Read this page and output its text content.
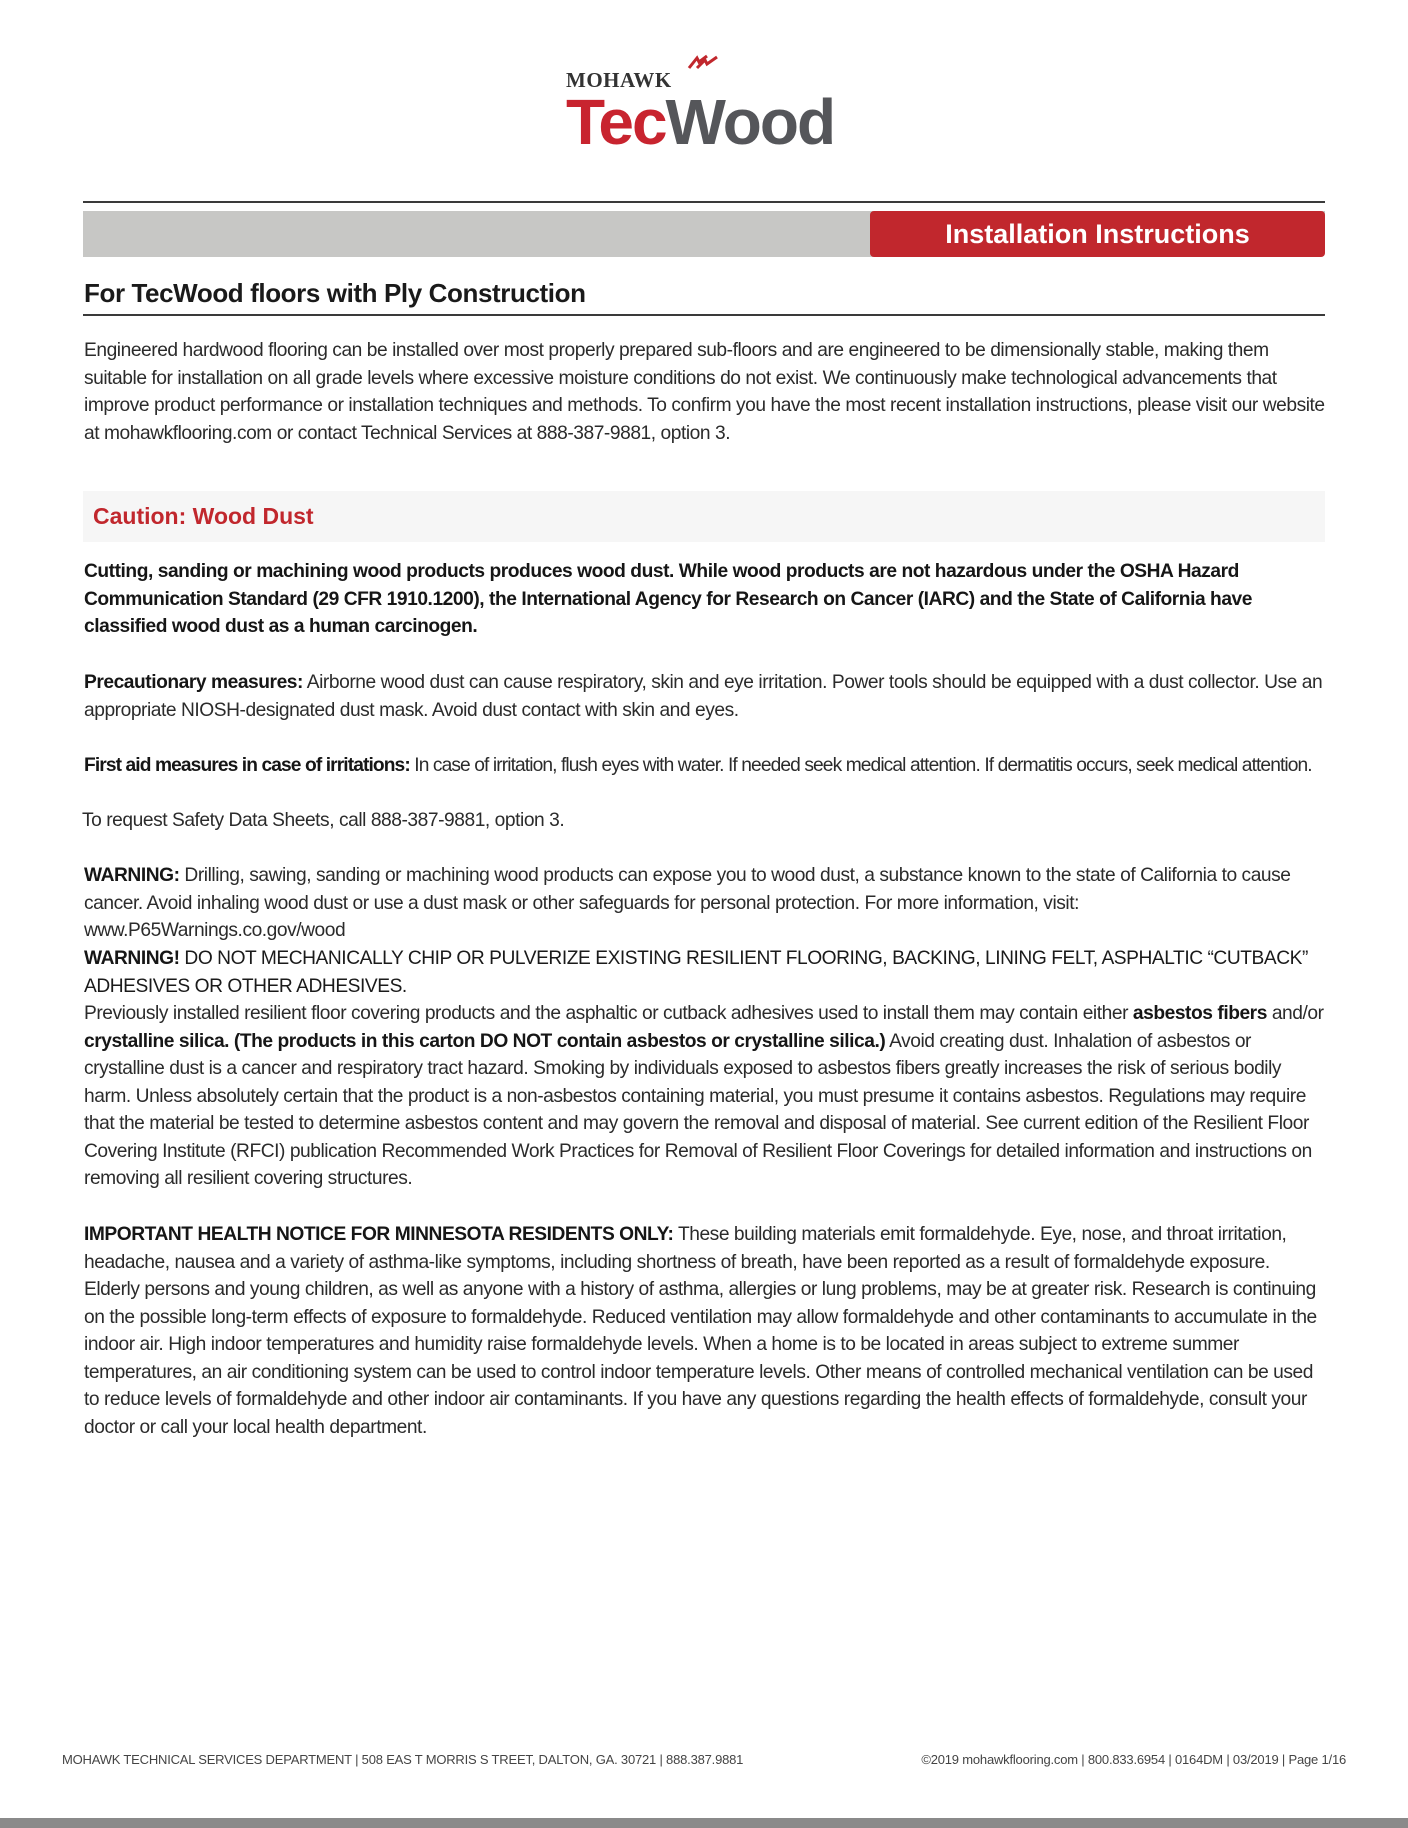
MOHAWK

TecWood

Installation Instructions
For TecWood floors with Ply Construction

Engineered hardwood flooring can be installed over most properly prepared sub-floors and are engineered to be dimensionally stable, making them suitable for installation on all grade levels where excessive moisture conditions do not exist. We continuously make technological advancements that improve product performance or installation techniques and methods. To confirm you have the most recent installation instructions, please visit our website at mohawkflooring.com or contact Technical Services at 888-387-9881, option 3.

Caution: Wood Dust

Cutting, sanding or machining wood products produces wood dust. While wood products are not hazardous under the OSHA Hazard Communication Standard (29 CFR 1910.1200), the International Agency for Research on Cancer (IARC) and the State of California have classified wood dust as a human carcinogen.

Precautionary measures: Airborne wood dust can cause respiratory, skin and eye irritation. Power tools should be equipped with a dust collector. Use an appropriate NIOSH-designated dust mask. Avoid dust contact with skin and eyes.

First aid measures in case of irritations: In case of irritation, flush eyes with water. If needed seek medical attention. If dermatitis occurs, seek medical attention.

To request Safety Data Sheets, call 888-387-9881, option 3.

WARNING: Drilling, sawing, sanding or machining wood products can expose you to wood dust, a substance known to the state of California to cause cancer. Avoid inhaling wood dust or use a dust mask or other safeguards for personal protection. For more information, visit: www.P65Warnings.co.gov/wood

WARNING! DO NOT MECHANICALLY CHIP OR PULVERIZE EXISTING RESILIENT FLOORING, BACKING, LINING FELT, ASPHALTIC “CUTBACK” ADHESIVES OR OTHER ADHESIVES.

Previously installed resilient floor covering products and the asphaltic or cutback adhesives used to install them may contain either asbestos fibers and/or crystalline silica. (The products in this carton DO NOT contain asbestos or crystalline silica.) Avoid creating dust. Inhalation of asbestos or crystalline dust is a cancer and respiratory tract hazard. Smoking by individuals exposed to asbestos fibers greatly increases the risk of serious bodily harm. Unless absolutely certain that the product is a non-asbestos containing material, you must presume it contains asbestos. Regulations may require that the material be tested to determine asbestos content and may govern the removal and disposal of material. See current edition of the Resilient Floor Covering Institute (RFCI) publication Recommended Work Practices for Removal of Resilient Floor Coverings for detailed information and instructions on removing all resilient covering structures.

IMPORTANT HEALTH NOTICE FOR MINNESOTA RESIDENTS ONLY: These building materials emit formaldehyde. Eye, nose, and throat irritation, headache, nausea and a variety of asthma-like symptoms, including shortness of breath, have been reported as a result of formaldehyde exposure. Elderly persons and young children, as well as anyone with a history of asthma, allergies or lung problems, may be at greater risk. Research is continuing on the possible long-term effects of exposure to formaldehyde. Reduced ventilation may allow formaldehyde and other contaminants to accumulate in the indoor air. High indoor temperatures and humidity raise formaldehyde levels. When a home is to be located in areas subject to extreme summer temperatures, an air conditioning system can be used to control indoor temperature levels. Other means of controlled mechanical ventilation can be used to reduce levels of formaldehyde and other indoor air contaminants. If you have any questions regarding the health effects of formaldehyde, consult your doctor or call your local health department.

MOHAWK TECHNICAL SERVICES DEPARTMENT | 508 EAS T MORRIS S TREET, DALTON, GA. 30721 | 888.387.9881	©2019 mohawkflooring.com | 800.833.6954 | 0164DM | 03/2019 | Page 1/16
